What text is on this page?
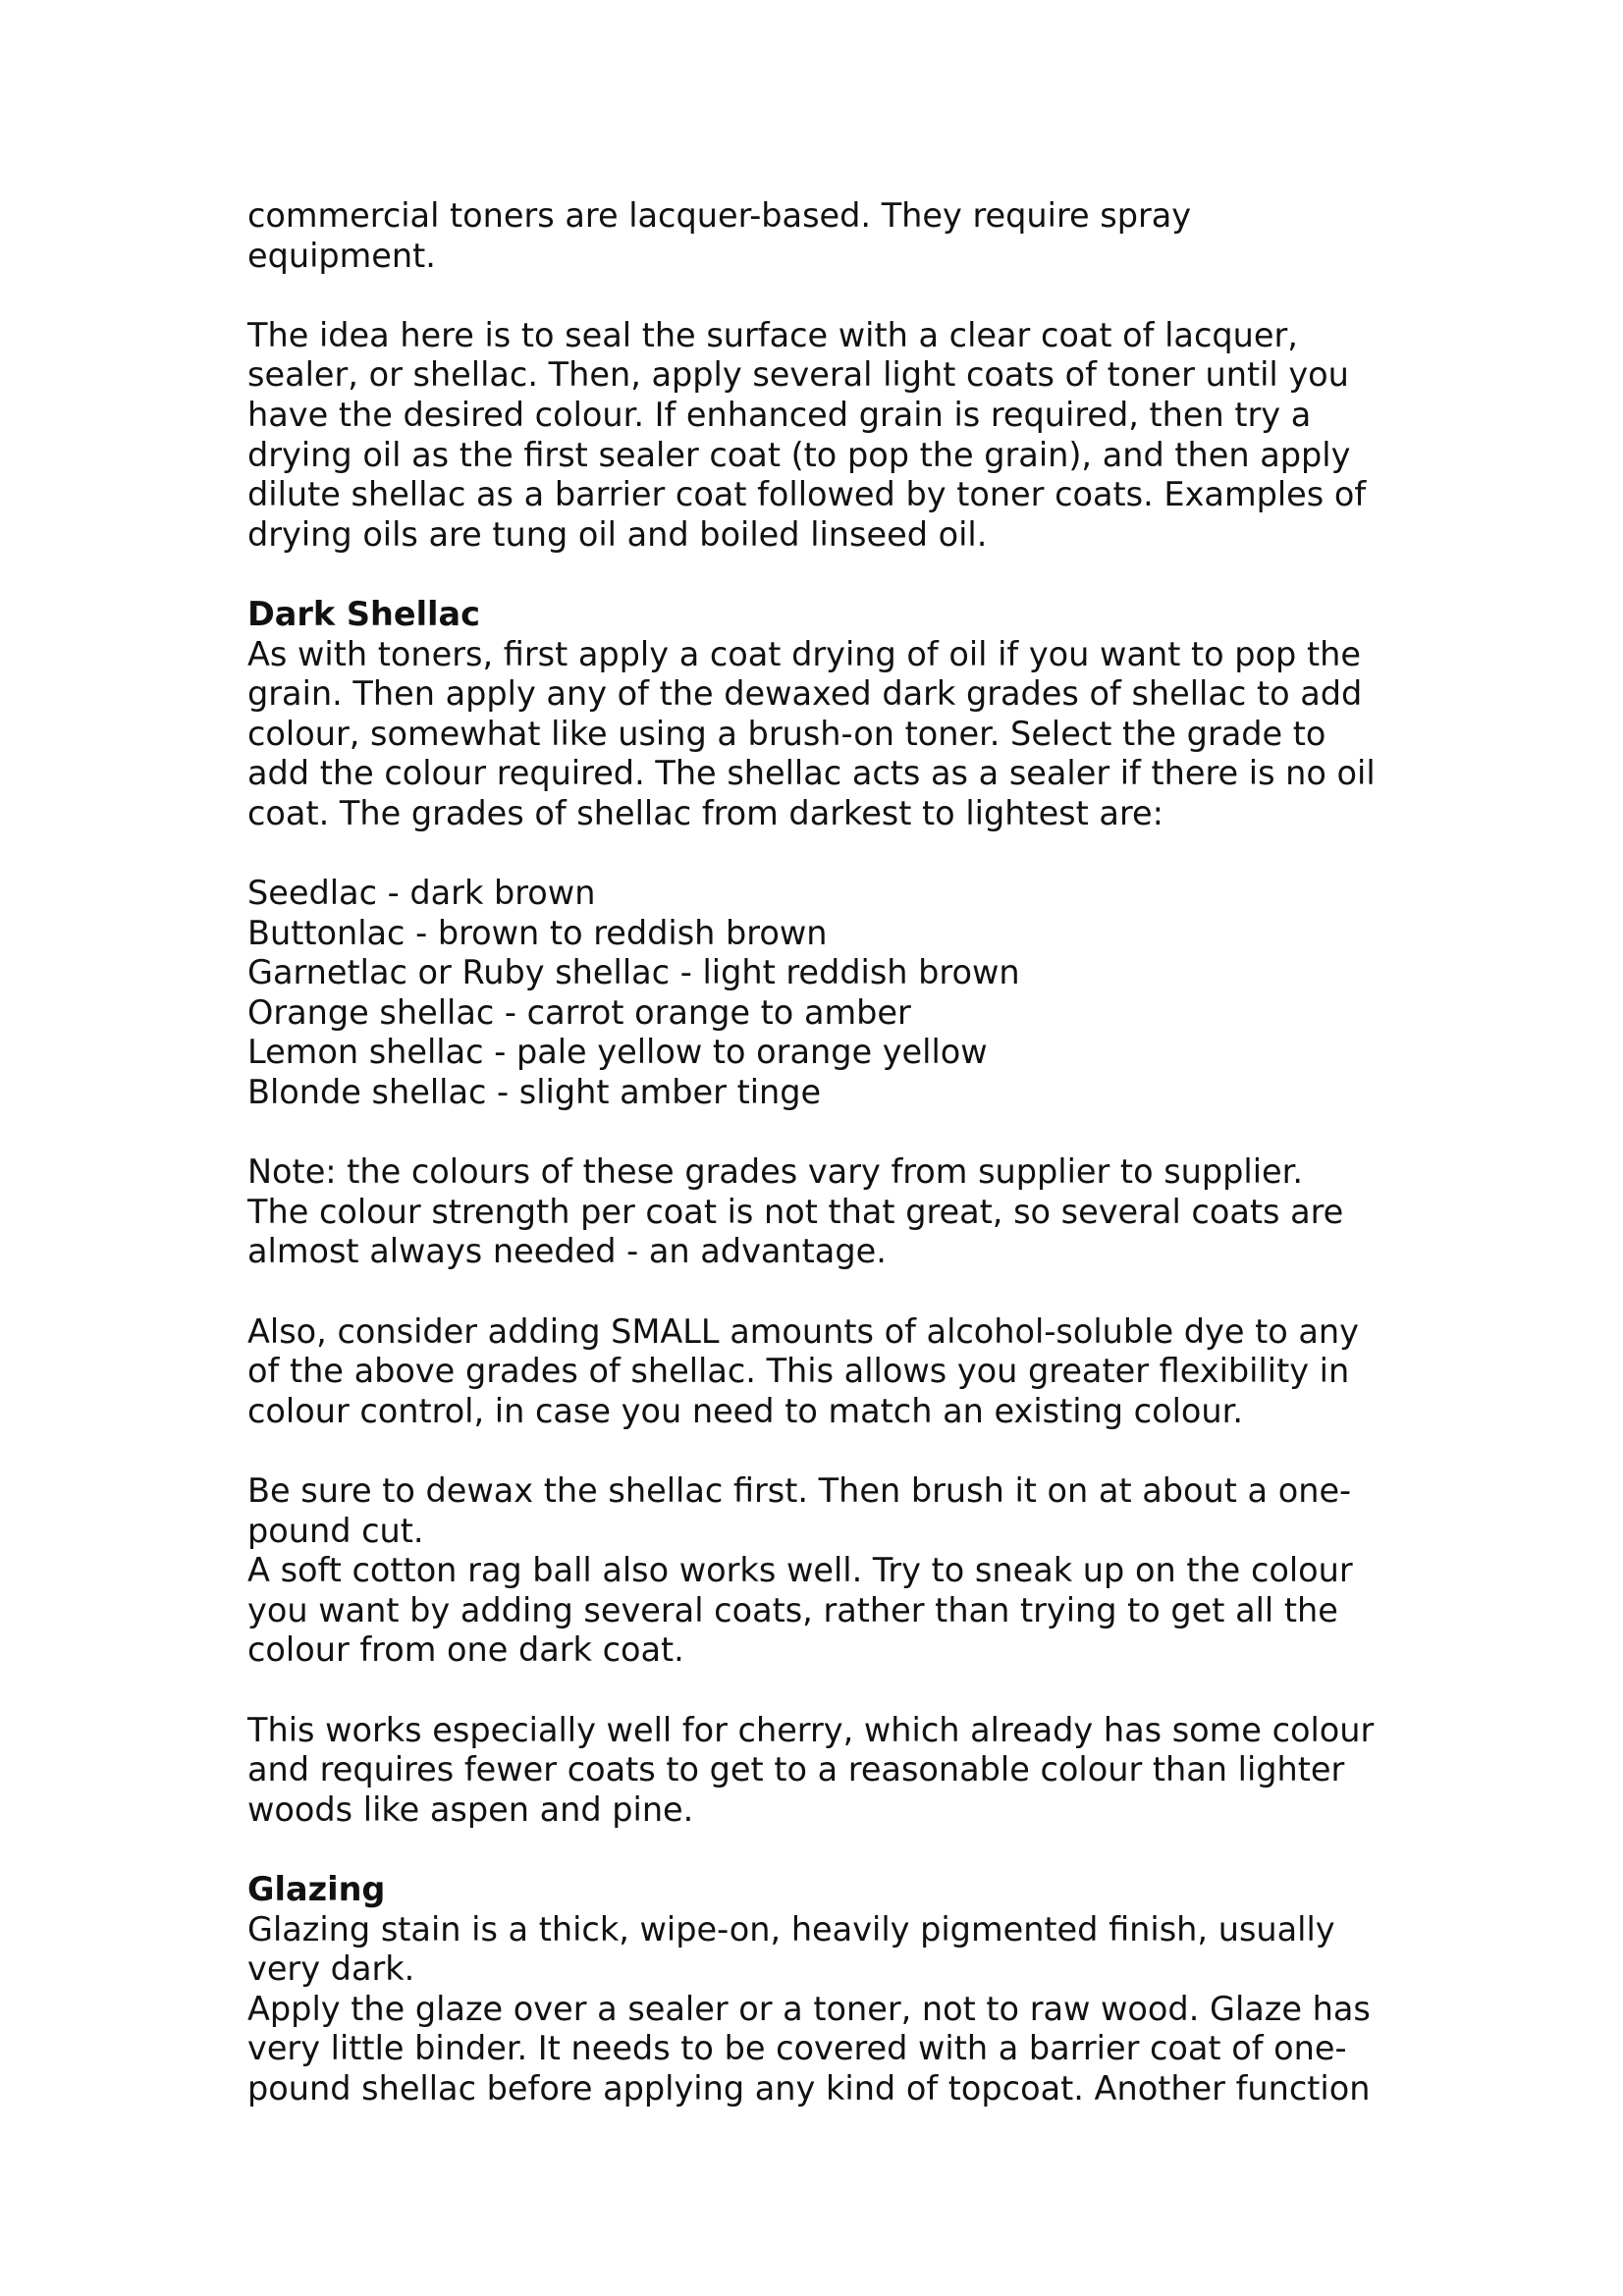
commercial toners are lacquer-based. They require spray
equipment.
The idea here is to seal the surface with a clear coat of lacquer,
sealer, or shellac. Then, apply several light coats of toner until you
have the desired colour. If enhanced grain is required, then try a
drying oil as the first sealer coat (to pop the grain), and then apply
dilute shellac as a barrier coat followed by toner coats. Examples of
drying oils are tung oil and boiled linseed oil.
Dark Shellac
As with toners, first apply a coat drying of oil if you want to pop the
grain. Then apply any of the dewaxed dark grades of shellac to add
colour, somewhat like using a brush-on toner. Select the grade to
add the colour required. The shellac acts as a sealer if there is no oil
coat. The grades of shellac from darkest to lightest are:
Seedlac - dark brown
Buttonlac - brown to reddish brown
Garnetlac or Ruby shellac - light reddish brown
Orange shellac - carrot orange to amber
Lemon shellac - pale yellow to orange yellow
Blonde shellac - slight amber tinge
Note: the colours of these grades vary from supplier to supplier.
The colour strength per coat is not that great, so several coats are
almost always needed - an advantage.
Also, consider adding SMALL amounts of alcohol-soluble dye to any
of the above grades of shellac. This allows you greater flexibility in
colour control, in case you need to match an existing colour.
Be sure to dewax the shellac first. Then brush it on at about a one-
pound cut.
A soft cotton rag ball also works well. Try to sneak up on the colour
you want by adding several coats, rather than trying to get all the
colour from one dark coat.
This works especially well for cherry, which already has some colour
and requires fewer coats to get to a reasonable colour than lighter
woods like aspen and pine.
Glazing
Glazing stain is a thick, wipe-on, heavily pigmented finish, usually
very dark.
Apply the glaze over a sealer or a toner, not to raw wood. Glaze has
very little binder. It needs to be covered with a barrier coat of one-
pound shellac before applying any kind of topcoat. Another function
